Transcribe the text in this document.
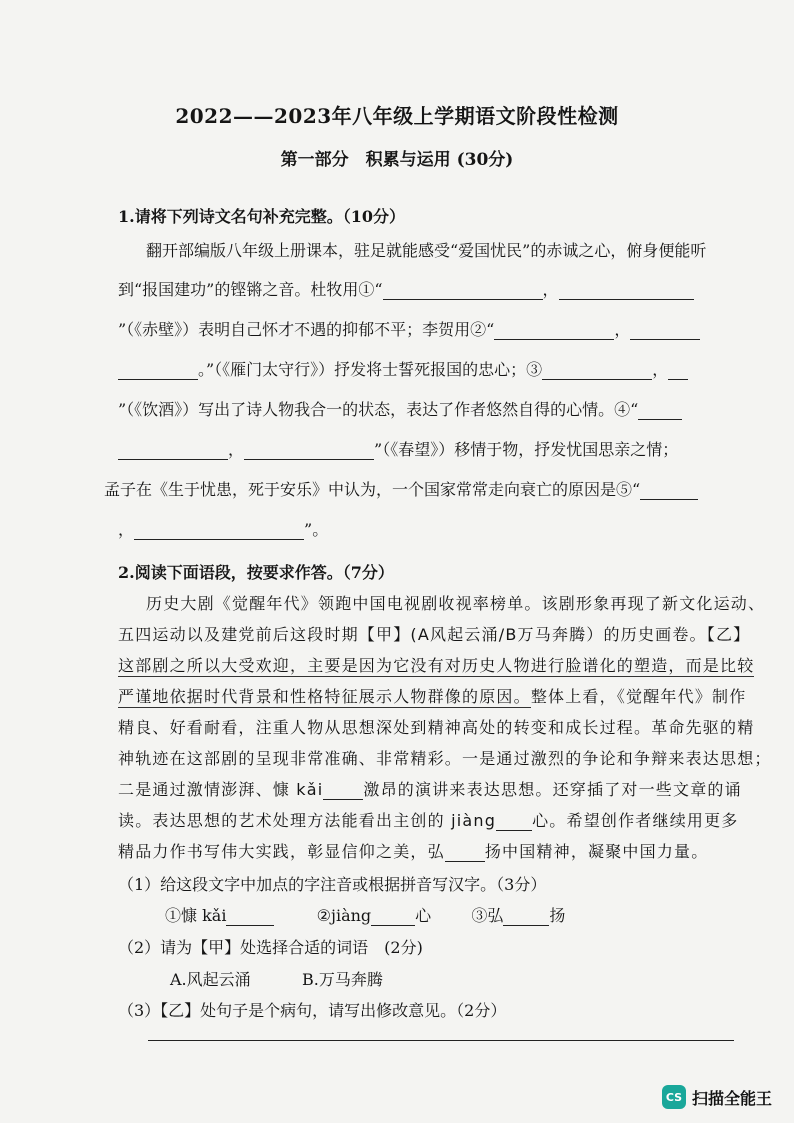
2022——2023年八年级上学期语文阶段性检测
第一部分　积累与运用 (30分)
1.请将下列诗文名句补充完整。（10分）
翻开部编版八年级上册课本，驻足就能感受“爱国忧民”的赤诚之心，俯身便能听
到“报国建功”的铿锵之音。杜牧用①“	，
”（《赤壁》）表明自己怀才不遇的抑郁不平；李贺用②“	，
。”（《雁门太守行》）抒发将士誓死报国的忠心；③	，
”（《饮酒》）写出了诗人物我合一的状态，表达了作者悠然自得的心情。④“
，	”（《春望》）移情于物，抒发忧国思亲之情；
孟子在《生于忧患，死于安乐》中认为，一个国家常常走向衰亡的原因是⑤“
，	”。
2.阅读下面语段，按要求作答。（7分）
历史大剧《觉醒年代》领跑中国电视剧收视率榜单。该剧形象再现了新文化运动、
五四运动以及建党前后这段时期【甲】(A风起云涌/B万马奔腾）的历史画卷。【乙】
这部剧之所以大受欢迎，主要是因为它没有对历史人物进行脸谱化的塑造，而是比较
严谨地依据时代背景和性格特征展示人物群像的原因。整体上看，《觉醒年代》制作
精良、好看耐看，注重人物从思想深处到精神高处的转变和成长过程。革命先驱的精
神轨迹在这部剧的呈现非常准确、非常精彩。一是通过激烈的争论和争辩来表达思想；
二是通过激情澎湃、慷 kǎi	激昂的演讲来表达思想。还穿插了对一些文章的诵
读。表达思想的艺术处理方法能看出主创的 jiàng 心。希望创作者继续用更多
精品力作书写伟大实践，彰显信仰之美，弘	扬中国精神，凝聚中国力量。
（1）给这段文字中加点的字注音或根据拼音写汉字。（3分）
①慷 kǎi	②jiàng	心	③弘	扬
（2）请为【甲】处选择合适的词语　(2分)
A.风起云涌	B.万马奔腾
（3）【乙】处句子是个病句，请写出修改意见。（2分）
CS 扫描全能王
